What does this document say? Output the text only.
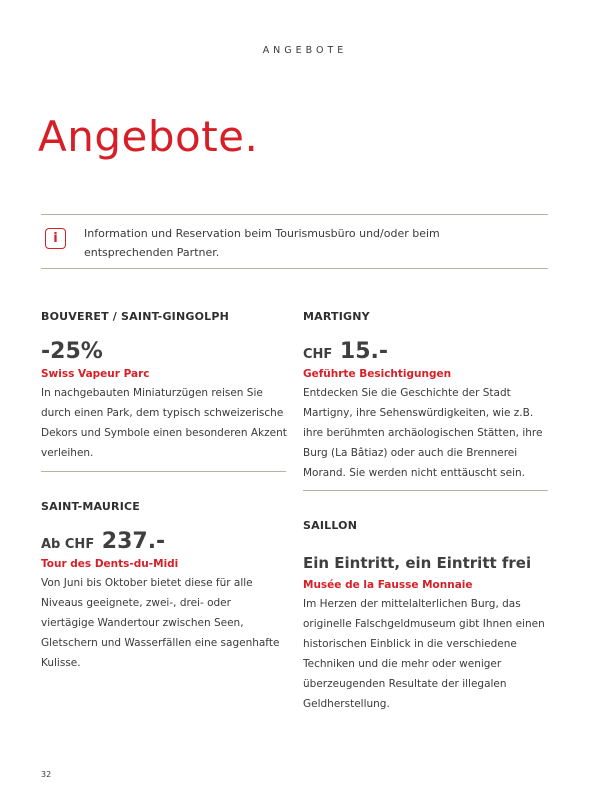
ANGEBOTE
Angebote.
i	Information und Reservation beim Tourismusbüro und/oder beim entsprechenden Partner.
BOUVERET / SAINT-GINGOLPH
-25%
Swiss Vapeur Parc
In nachgebauten Miniaturzügen reisen Sie durch einen Park, dem typisch schweizerische Dekors und Symbole einen besonderen Akzent verleihen.
SAINT-MAURICE
Ab CHF 237.-
Tour des Dents-du-Midi
Von Juni bis Oktober bietet diese für alle Niveaus geeignete, zwei-, drei- oder viertägige Wandertour zwischen Seen, Gletschern und Wasserfällen eine sagenhafte Kulisse.
MARTIGNY
CHF 15.-
Geführte Besichtigungen
Entdecken Sie die Geschichte der Stadt Martigny, ihre Sehenswürdigkeiten, wie z.B. ihre berühmten archäologischen Stätten, ihre Burg (La Bâtiaz) oder auch die Brennerei Morand. Sie werden nicht enttäuscht sein.
SAILLON
Ein Eintritt, ein Eintritt frei
Musée de la Fausse Monnaie
Im Herzen der mittelalterlichen Burg, das originelle Falschgeldmuseum gibt Ihnen einen historischen Einblick in die verschiedene Techniken und die mehr oder weniger überzeugenden Resultate der illegalen Geldherstellung.
32
